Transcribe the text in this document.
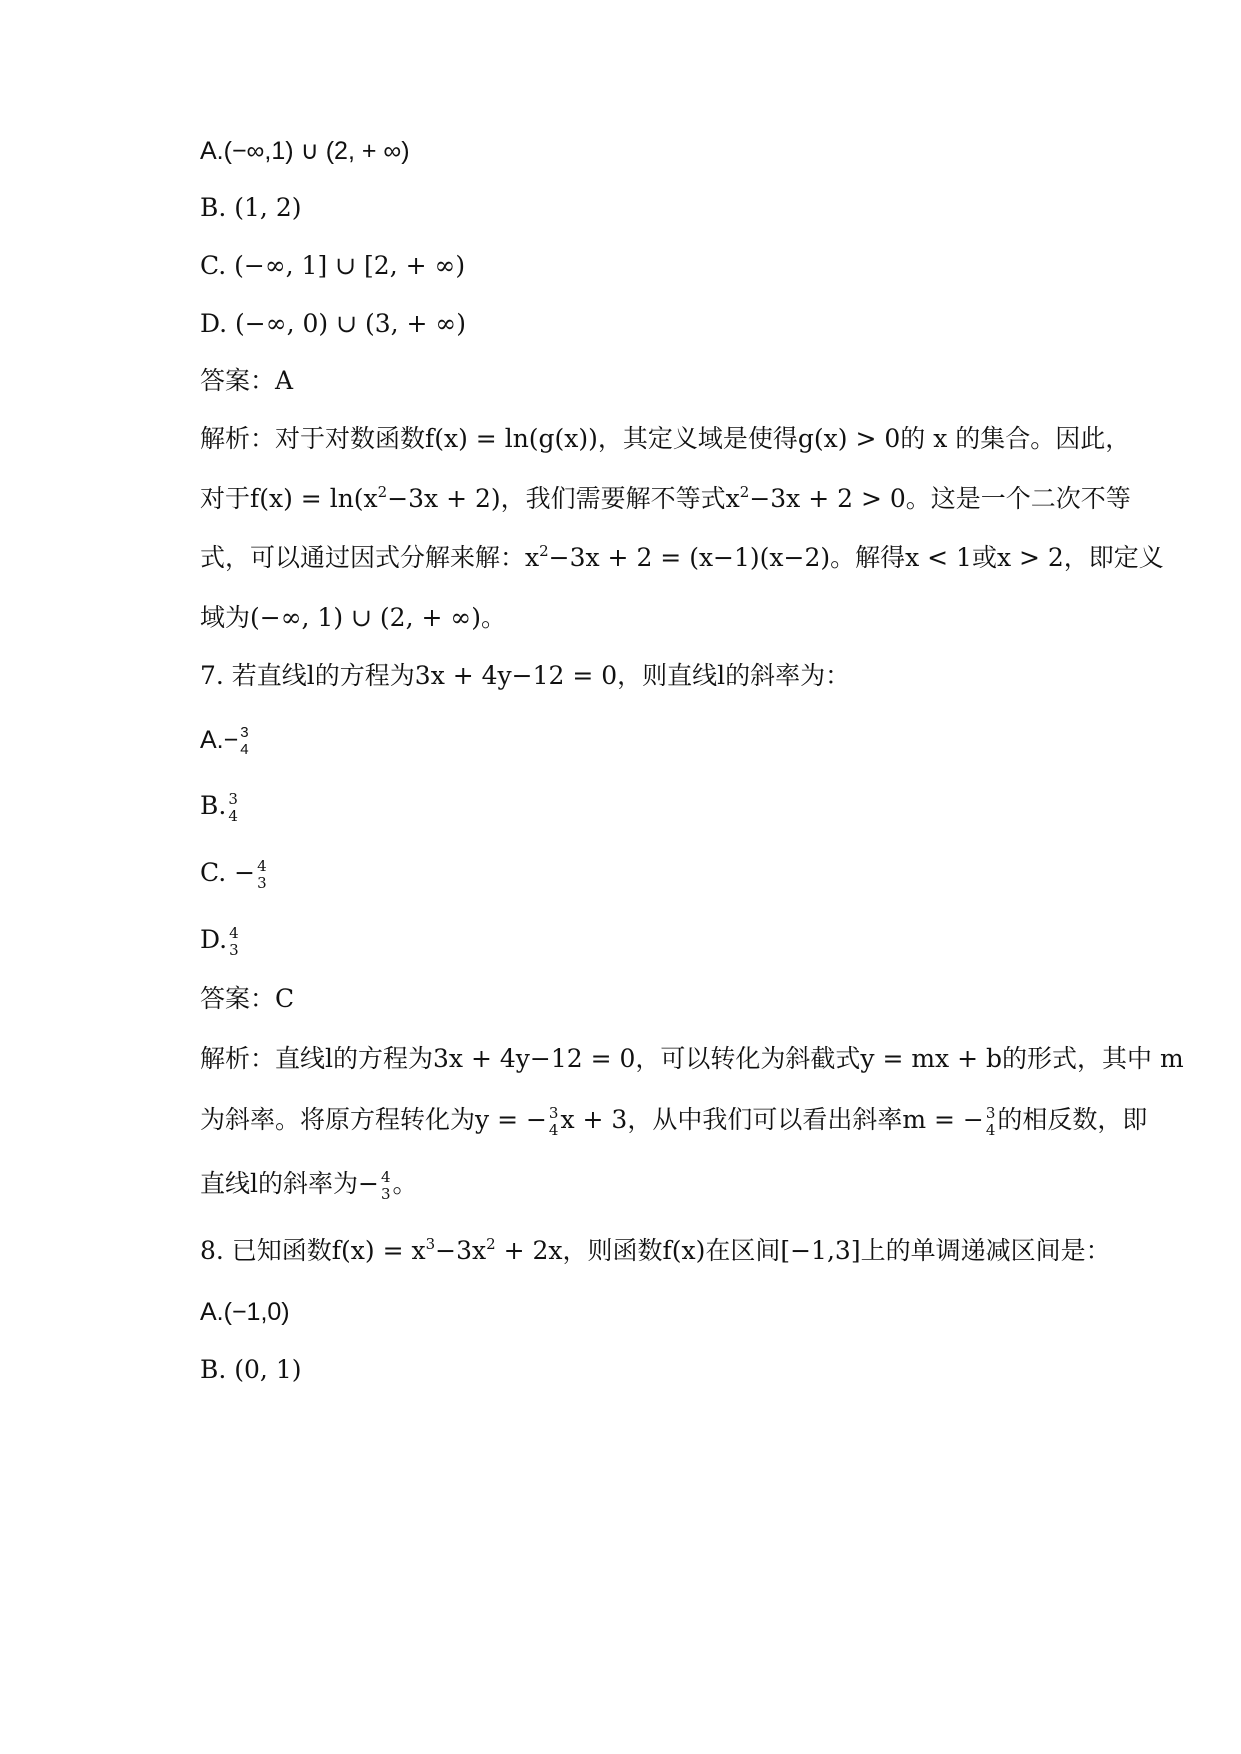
A.(−∞,1) ∪ (2, + ∞)
B. (1, 2)
C. (−∞, 1] ∪ [2, + ∞)
D. (−∞, 0) ∪ (3, + ∞)
答案：A
解析：对于对数函数f(x) = ln(g(x))，其定义域是使得g(x) > 0的 x 的集合。因此，
对于$f(x) = \ln(x^2-3x + 2)$，我们需要解不等式$x^2-3x + 2 > 0$。这是一个二次不等
式，可以通过因式分解来解：$x^2-3x + 2 = (x-1)(x-2)$。解得x < 1或x > 2，即定义
域为(−∞, 1) ∪ (2, + ∞)。
7. 若直线l的方程为3x + 4y−12 = 0，则直线l的斜率为：
A.− 3
4
B. 3
4
C. − 4
3
D. 4
3
答案：C
解析：直线l的方程为3x + 4y−12 = 0，可以转化为斜截式y = mx + b的形式，其中 m
为斜率。将原方程转化为y = − 3
4 x + 3，从中我们可以看出斜率m = − 3
4 的相反数，即
直线l的斜率为− 4
3 。
8. 已知函数$f(x) = x^3-3x^2 + 2x$，则函数f(x)在区间[−1,3]上的单调递减区间是：
A.(−1,0)
B. (0, 1)
